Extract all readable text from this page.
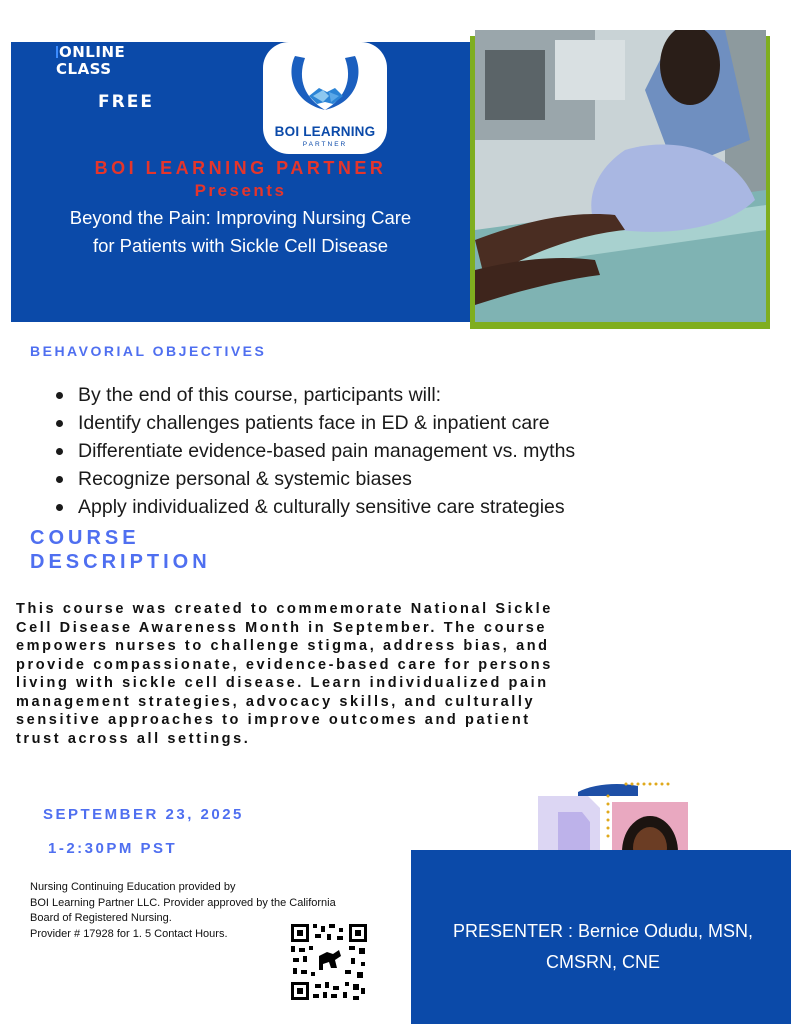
ONLINE
CLASS
FREE
BOI LEARNING
PARTNER
BOI LEARNING PARTNER
Presents
Beyond the Pain: Improving Nursing Care
for Patients with Sickle Cell Disease
BEHAVORIAL OBJECTIVES
By the end of this course, participants will:
Identify challenges patients face in ED & inpatient care
Differentiate evidence-based pain management vs. myths
Recognize personal & systemic biases
Apply individualized & culturally sensitive care strategies
COURSE
DESCRIPTION
This course was created to commemorate National Sickle
Cell Disease Awareness Month in September. The course
empowers nurses to challenge stigma, address bias, and
provide compassionate, evidence-based care for persons
living with sickle cell disease. Learn individualized pain
management strategies, advocacy skills, and culturally
sensitive approaches to improve outcomes and patient
trust across all settings.
SEPTEMBER 23, 2025
1-2:30PM PST
Nursing Continuing Education provided by
BOI Learning Partner LLC. Provider approved by the California
Board of Registered Nursing.
Provider # 17928 for 1. 5 Contact Hours.	PRESENTER : Bernice Odudu, MSN,
CMSRN, CNE
